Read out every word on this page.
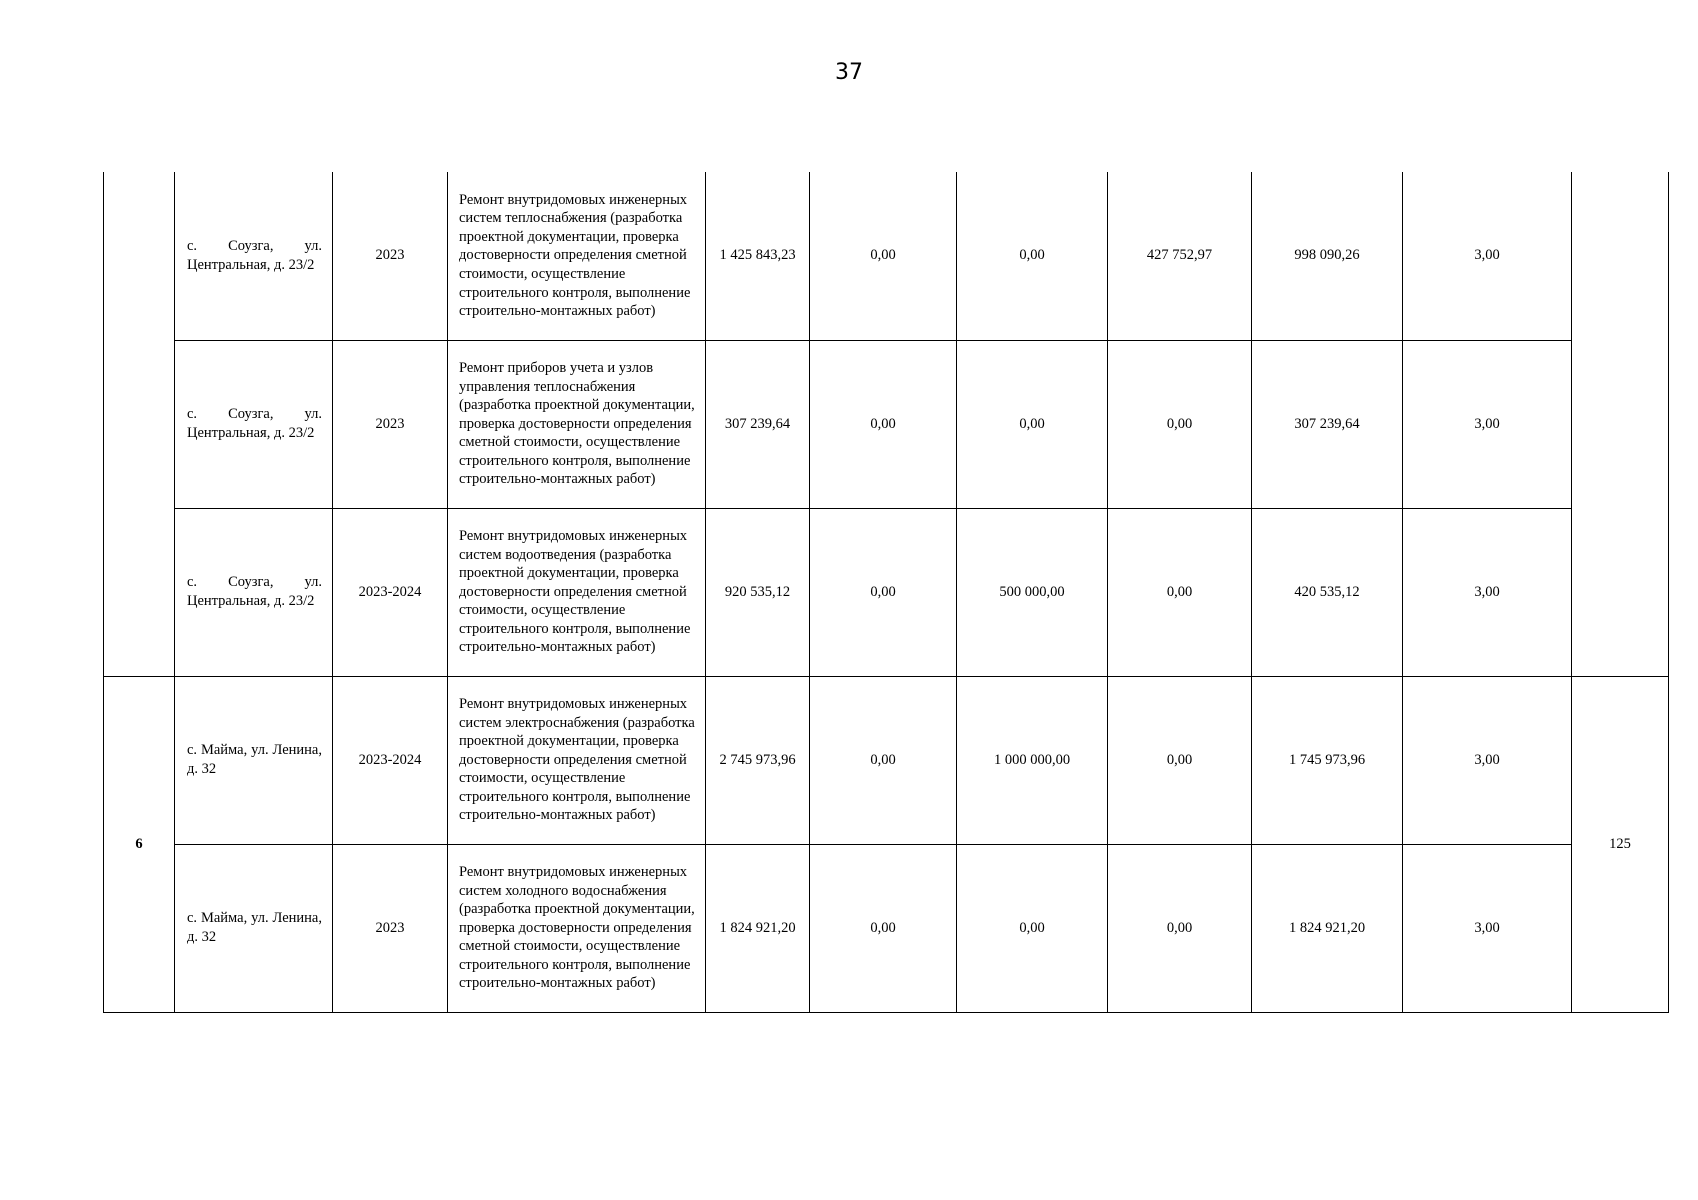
37
	с. Соузга, ул. Центральная, д. 23/2	2023	Ремонт внутридомовых инженерных систем теплоснабжения (разработка проектной документации, проверка достоверности определения сметной стоимости, осуществление строительного контроля, выполнение строительно-монтажных работ)	1 425 843,23	0,00	0,00	427 752,97	998 090,26	3,00	
	с. Соузга, ул. Центральная, д. 23/2	2023	Ремонт приборов учета и узлов управления теплоснабжения (разработка проектной документации, проверка достоверности определения сметной стоимости, осуществление строительного контроля, выполнение строительно-монтажных работ)	307 239,64	0,00	0,00	0,00	307 239,64	3,00	
	с. Соузга, ул. Центральная, д. 23/2	2023-2024	Ремонт внутридомовых инженерных систем водоотведения (разработка проектной документации, проверка достоверности определения сметной стоимости, осуществление строительного контроля, выполнение строительно-монтажных работ)	920 535,12	0,00	500 000,00	0,00	420 535,12	3,00	
6	с. Майма, ул. Ленина, д. 32	2023-2024	Ремонт внутридомовых инженерных систем электроснабжения (разработка проектной документации, проверка достоверности определения сметной стоимости, осуществление строительного контроля, выполнение строительно-монтажных работ)	2 745 973,96	0,00	1 000 000,00	0,00	1 745 973,96	3,00	125
	с. Майма, ул. Ленина, д. 32	2023	Ремонт внутридомовых инженерных систем холодного водоснабжения (разработка проектной документации, проверка достоверности определения сметной стоимости, осуществление строительного контроля, выполнение строительно-монтажных работ)	1 824 921,20	0,00	0,00	0,00	1 824 921,20	3,00	
